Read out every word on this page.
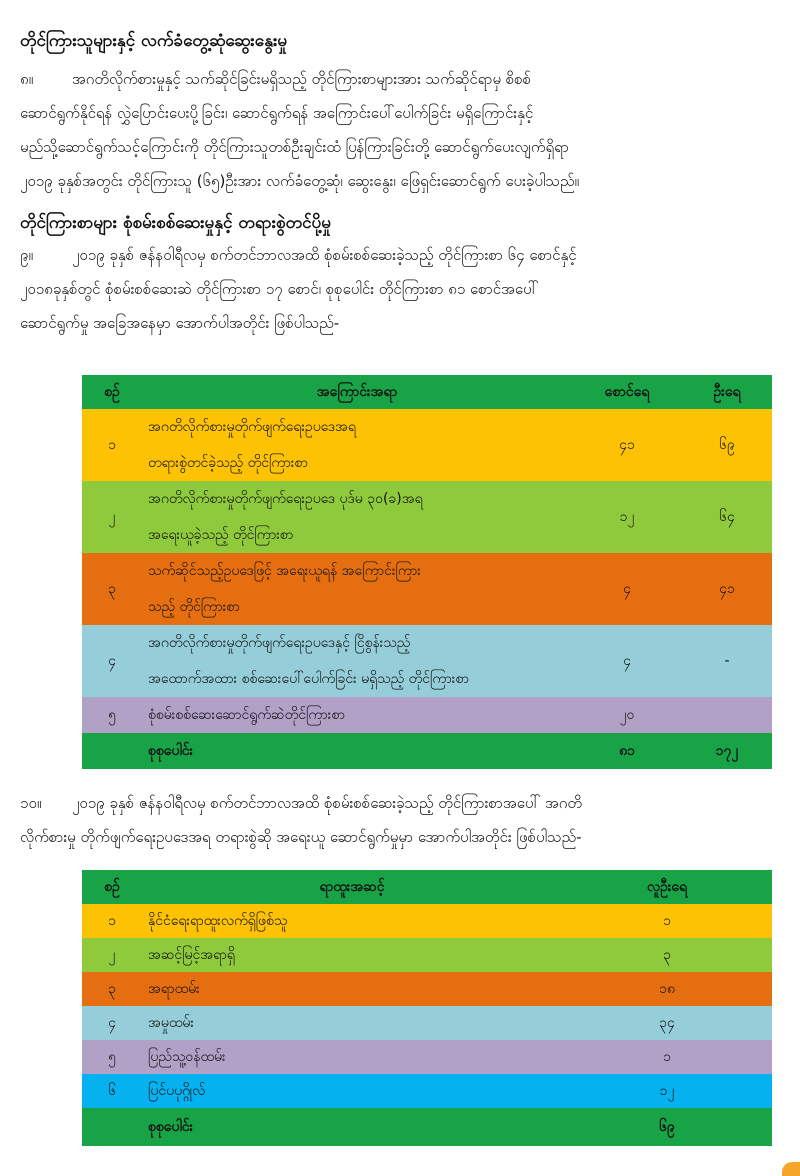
တိုင်ကြားသူများနှင့် လက်ခံတွေ့ဆုံဆွေးနွေးမှု
၈။	အဂတိလိုက်စားမှုနှင့် သက်ဆိုင်ခြင်းမရှိသည့် တိုင်ကြားစာများအား သက်ဆိုင်ရာမှ စိစစ်
ဆောင်ရွက်နိုင်ရန် လွှဲပြောင်းပေးပို့ခြင်း၊ ဆောင်ရွက်ရန် အကြောင်းပေါ်ပေါက်ခြင်း မရှိကြောင်းနှင့်
မည်သို့ဆောင်ရွက်သင့်ကြောင်းကို တိုင်ကြားသူတစ်ဦးချင်းထံ ပြန်ကြားခြင်းတို့ ဆောင်ရွက်ပေးလျက်ရှိရာ
၂၀၁၉ ခုနှစ်အတွင်း တိုင်ကြားသူ (၆၅)ဦးအား လက်ခံတွေ့ဆုံ၊ ဆွေးနွေး၊ ဖြေရှင်းဆောင်ရွက် ပေးခဲ့ပါသည်။
တိုင်ကြားစာများ စုံစမ်းစစ်ဆေးမှုနှင့် တရားစွဲတင်ပို့မှု
၉။	၂၀၁၉ ခုနှစ် ဇန်နဝါရီလမှ စက်တင်ဘာလအထိ စုံစမ်းစစ်ဆေးခဲ့သည့် တိုင်ကြားစာ ၆၄ စောင်နှင့်
၂၀၁၈ခုနှစ်တွင် စုံစမ်းစစ်ဆေးဆဲ တိုင်ကြားစာ ၁၇ စောင်၊ စုစုပေါင်း တိုင်ကြားစာ ၈၁ စောင်အပေါ်
ဆောင်ရွက်မှု အခြေအနေမှာ အောက်ပါအတိုင်း ဖြစ်ပါသည်-
စဉ်	အကြောင်းအရာ	စောင်ရေ	ဦးရေ
၁	အဂတိလိုက်စားမှုတိုက်ဖျက်ရေးဥပဒေအရ
တရားစွဲတင်ခဲ့သည့် တိုင်ကြားစာ	၄၁	၆၉
၂	အဂတိလိုက်စားမှုတိုက်ဖျက်ရေးဥပဒေ ပုဒ်မ ၃၀(ခ)အရ
အရေးယူခဲ့သည့် တိုင်ကြားစာ	၁၂	၆၄
၃	သက်ဆိုင်သည့်ဥပဒေဖြင့် အရေးယူရန် အကြောင်းကြား
သည့် တိုင်ကြားစာ	၄	၄၁
၄	အဂတိလိုက်စားမှုတိုက်ဖျက်ရေးဥပဒေနှင့် ငြိစွန်းသည့်
အထောက်အထား စစ်ဆေးပေါ်ပေါက်ခြင်း မရှိသည့် တိုင်ကြားစာ	၄	-
၅	စုံစမ်းစစ်ဆေးဆောင်ရွက်ဆဲတိုင်ကြားစာ	၂၀	

	စုစုပေါင်း	၈၁	၁၇၂
၁၀။ ၂၀၁၉ ခုနှစ် ဇန်နဝါရီလမှ စက်တင်ဘာလအထိ စုံစမ်းစစ်ဆေးခဲ့သည့် တိုင်ကြားစာအပေါ် အဂတိ
လိုက်စားမှု တိုက်ဖျက်ရေးဥပဒေအရ တရားစွဲဆို အရေးယူ ဆောင်ရွက်မှုမှာ အောက်ပါအတိုင်း ဖြစ်ပါသည်-
စဉ်	ရာထူးအဆင့်	လူဦးရေ
၁	နိုင်ငံရေးရာထူးလက်ရှိဖြစ်သူ	၁
၂	အဆင့်မြင့်အရာရှိ	၃
၃	အရာထမ်း	၁၈
၄	အမှုထမ်း	၃၄
၅	ပြည်သူ့ဝန်ထမ်း	၁
၆	ပြင်ပပုဂ္ဂိုလ်	၁၂
	စုစုပေါင်း	၆၉
